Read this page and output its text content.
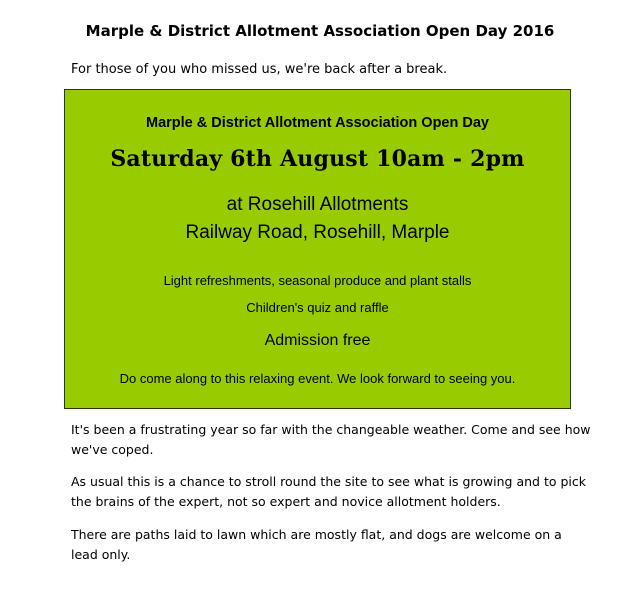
Marple & District Allotment Association Open Day 2016
For those of you who missed us, we're back after a break.
Marple & District Allotment Association Open Day
Saturday 6th August 10am - 2pm
at Rosehill Allotments
Railway Road, Rosehill, Marple
Light refreshments, seasonal produce and plant stalls
Children's quiz and raffle
Admission free
Do come along to this relaxing event. We look forward to seeing you.
It's been a frustrating year so far with the changeable weather. Come and see how we've coped.
As usual this is a chance to stroll round the site to see what is growing and to pick the brains of the expert, not so expert and novice allotment holders.
There are paths laid to lawn which are mostly flat, and dogs are welcome on a lead only.
